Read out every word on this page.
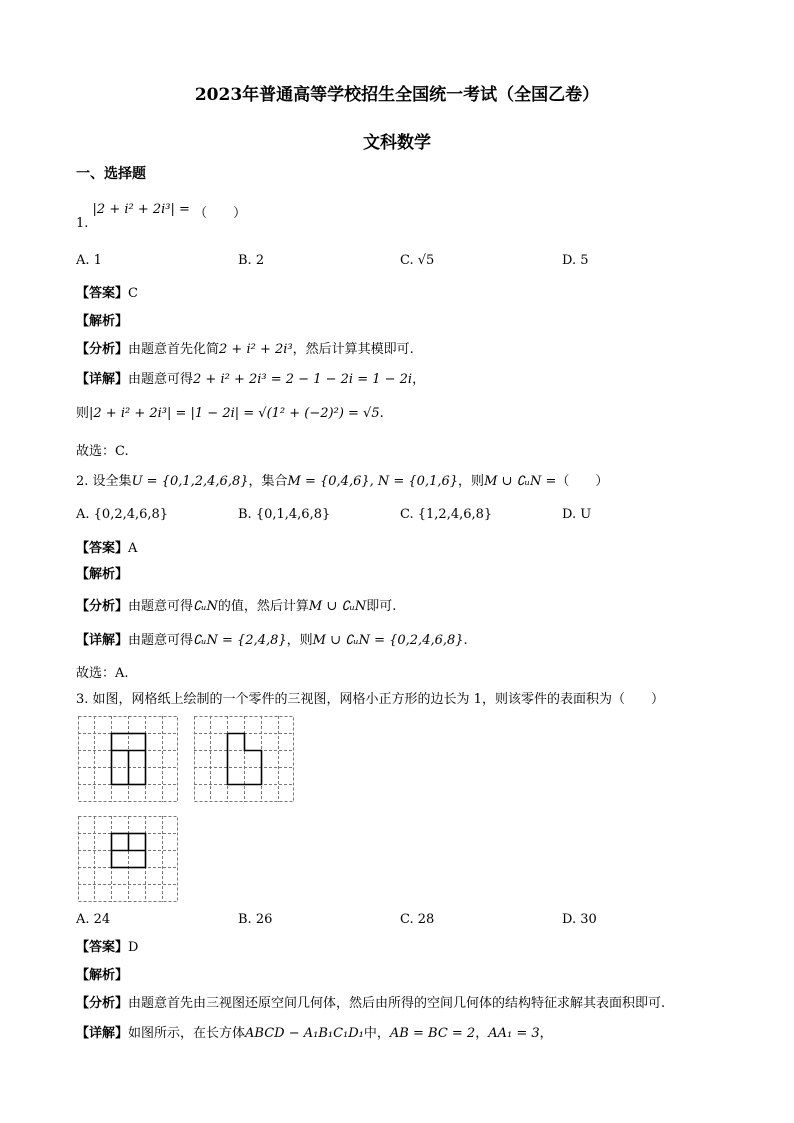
2023年普通高等学校招生全国统一考试（全国乙卷）
文科数学
一、选择题
1. |2 + i² + 2i³| = （　　）
A. 1	B. 2	C. √5	D. 5
【答案】C
【解析】
【分析】由题意首先化简2 + i² + 2i³，然后计算其模即可.
【详解】由题意可得2 + i² + 2i³ = 2 − 1 − 2i = 1 − 2i，
则|2 + i² + 2i³| = |1 − 2i| = √(1² + (−2)²) = √5.
故选：C.
2. 设全集U = {0,1,2,4,6,8}，集合M = {0,4,6}, N = {0,1,6}，则M ∪ ∁ᵤN =（　　）
A. {0,2,4,6,8}	B. {0,1,4,6,8}	C. {1,2,4,6,8}	D. U
【答案】A
【解析】
【分析】由题意可得∁ᵤN的值，然后计算M ∪ ∁ᵤN即可.
【详解】由题意可得∁ᵤN = {2,4,8}，则M ∪ ∁ᵤN = {0,2,4,6,8}.
故选：A.
3. 如图，网格纸上绘制的一个零件的三视图，网格小正方形的边长为 1，则该零件的表面积为（　　）
A. 24	B. 26	C. 28	D. 30
【答案】D
【解析】
【分析】由题意首先由三视图还原空间几何体，然后由所得的空间几何体的结构特征求解其表面积即可.
【详解】如图所示，在长方体ABCD − A₁B₁C₁D₁中，AB = BC = 2，AA₁ = 3，
